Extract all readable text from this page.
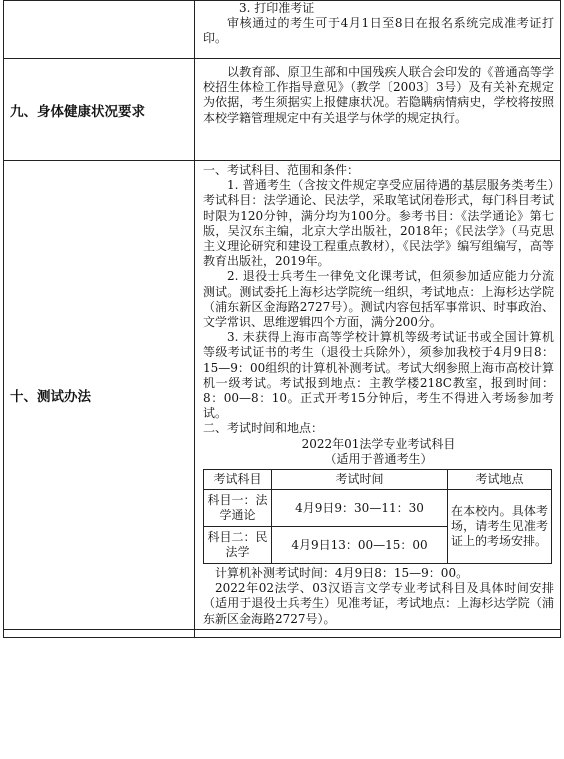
3. 打印准考证

审核通过的考生可于4月1日至8日在报名系统完成准考证打印。

九、身体健康状况要求	

以教育部、原卫生部和中国残疾人联合会印发的《普通高等学校招生体检工作指导意见》（教学〔2003〕3号）及有关补充规定为依据，考生须据实上报健康状况。若隐瞒病情病史，学校将按照本校学籍管理规定中有关退学与休学的规定执行。

十、测试办法	

一、考试科目、范围和条件：

1. 普通考生（含按文件规定享受应届待遇的基层服务类考生）考试科目：法学通论、民法学，采取笔试闭卷形式，每门科目考试时限为120分钟，满分均为100分。参考书目：《法学通论》第七版，吴汉东主编，北京大学出版社，2018年；《民法学》（马克思主义理论研究和建设工程重点教材），《民法学》编写组编写，高等教育出版社，2019年。

2. 退役士兵考生一律免文化课考试，但须参加适应能力分流测试。测试委托上海杉达学院统一组织，考试地点：上海杉达学院（浦东新区金海路2727号）。测试内容包括军事常识、时事政治、文学常识、思维逻辑四个方面，满分200分。

3. 未获得上海市高等学校计算机等级考试证书或全国计算机等级考试证书的考生（退役士兵除外），须参加我校于4月9日8：15—9：00组织的计算机补测考试。考试大纲参照上海市高校计算机一级考试。考试报到地点：主教学楼218C教室，报到时间：8：00—8：10。正式开考15分钟后，考生不得进入考场参加考试。

二、考试时间和地点：

2022年01法学专业考试科目

（适用于普通考生）

考试科目	考试时间	考试地点
科目一：法学通论	4月9日9：30—11：30	在本校内。具体考场，请考生见准考证上的考场安排。
科目二：民法学	4月9日13：00—15：00

计算机补测考试时间：4月9日8：15—9：00。

2022年02法学、03汉语言文学专业考试科目及具体时间安排（适用于退役士兵考生）见准考证，考试地点：上海杉达学院（浦东新区金海路2727号）。
